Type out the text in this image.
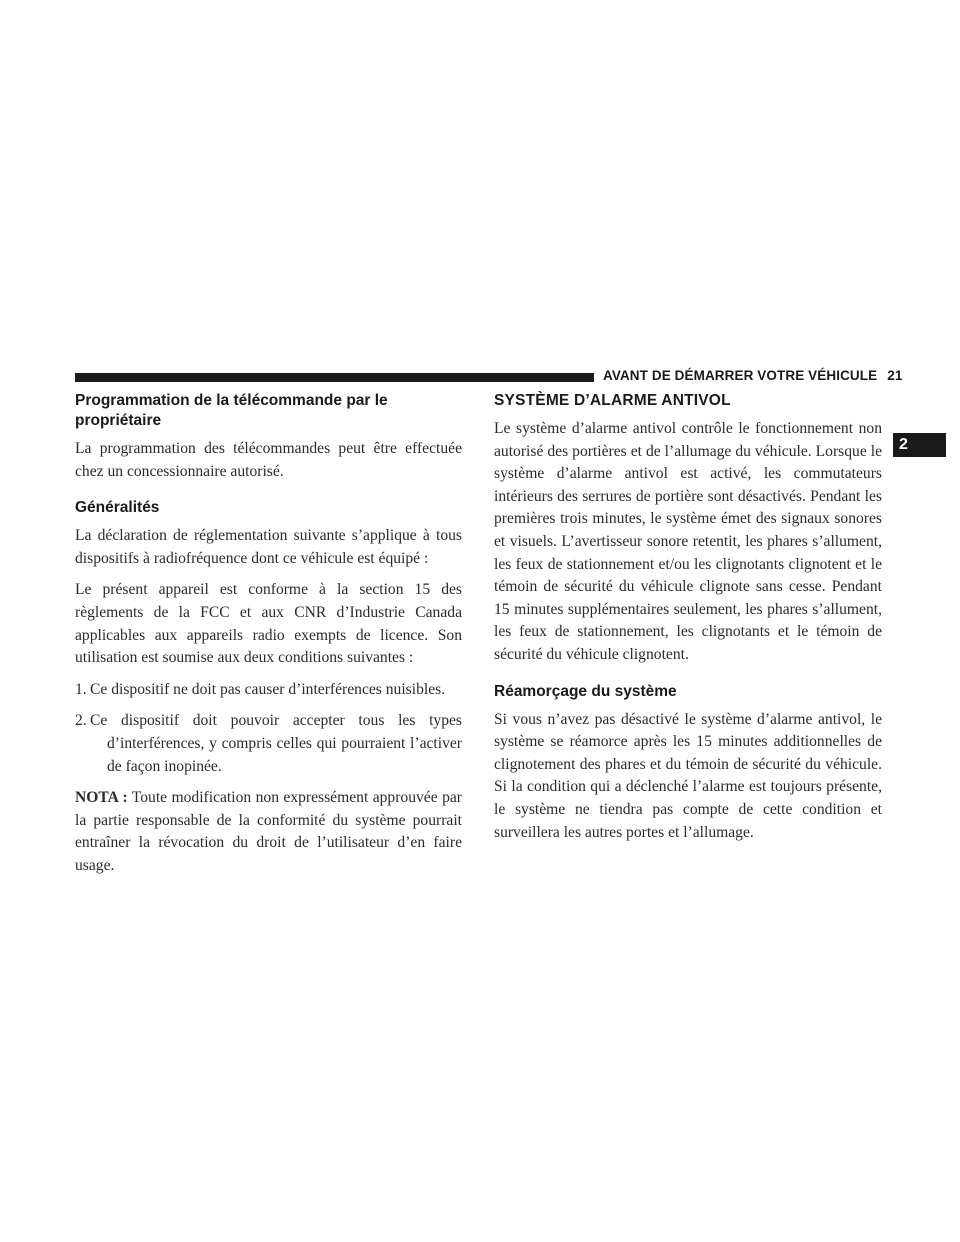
AVANT DE DÉMARRER VOTRE VÉHICULE 21
2
Programmation de la télécommande par le propriétaire

La programmation des télécommandes peut être effectuée chez un concessionnaire autorisé.

Généralités

La déclaration de réglementation suivante s’applique à tous dispositifs à radiofréquence dont ce véhicule est équipé :

Le présent appareil est conforme à la section 15 des règlements de la FCC et aux CNR d’Industrie Canada applicables aux appareils radio exempts de licence. Son utilisation est soumise aux deux conditions suivantes :

1. Ce dispositif ne doit pas causer d’interférences nuisibles.
2. Ce dispositif doit pouvoir accepter tous les types d’interférences, y compris celles qui pourraient l’activer de façon inopinée.

NOTA : Toute modification non expressément approuvée par la partie responsable de la conformité du système pourrait entraîner la révocation du droit de l’utilisateur d’en faire usage.

SYSTÈME D’ALARME ANTIVOL

Le système d’alarme antivol contrôle le fonctionnement non autorisé des portières et de l’allumage du véhicule. Lorsque le système d’alarme antivol est activé, les commutateurs intérieurs des serrures de portière sont désactivés. Pendant les premières trois minutes, le système émet des signaux sonores et visuels. L’avertisseur sonore retentit, les phares s’allument, les feux de stationnement et/ou les clignotants clignotent et le témoin de sécurité du véhicule clignote sans cesse. Pendant 15 minutes supplémentaires seulement, les phares s’allument, les feux de stationnement, les clignotants et le témoin de sécurité du véhicule clignotent.

Réamorçage du système

Si vous n’avez pas désactivé le système d’alarme antivol, le système se réamorce après les 15 minutes additionnelles de clignotement des phares et du témoin de sécurité du véhicule. Si la condition qui a déclenché l’alarme est toujours présente, le système ne tiendra pas compte de cette condition et surveillera les autres portes et l’allumage.
